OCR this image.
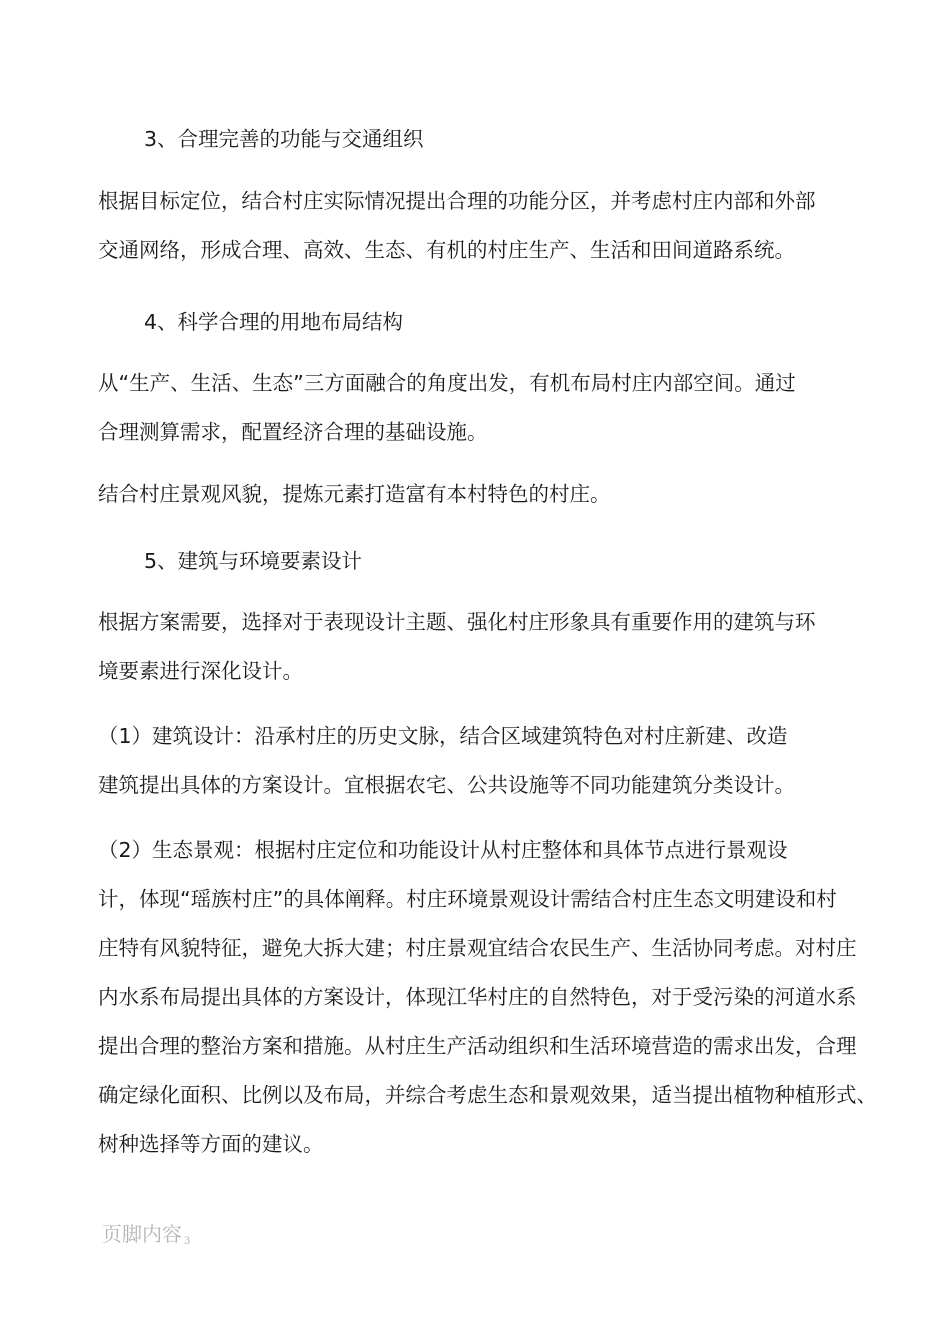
3、合理完善的功能与交通组织
根据目标定位，结合村庄实际情况提出合理的功能分区，并考虑村庄内部和外部
交通网络，形成合理、高效、生态、有机的村庄生产、生活和田间道路系统。
4、科学合理的用地布局结构
从“生产、生活、生态”三方面融合的角度出发，有机布局村庄内部空间。通过
合理测算需求，配置经济合理的基础设施。
结合村庄景观风貌，提炼元素打造富有本村特色的村庄。
5、建筑与环境要素设计
根据方案需要，选择对于表现设计主题、强化村庄形象具有重要作用的建筑与环
境要素进行深化设计。
（1）建筑设计：沿承村庄的历史文脉，结合区域建筑特色对村庄新建、改造
建筑提出具体的方案设计。宜根据农宅、公共设施等不同功能建筑分类设计。
（2）生态景观：根据村庄定位和功能设计从村庄整体和具体节点进行景观设
计，体现“瑶族村庄”的具体阐释。村庄环境景观设计需结合村庄生态文明建设和村
庄特有风貌特征，避免大拆大建；村庄景观宜结合农民生产、生活协同考虑。对村庄
内水系布局提出具体的方案设计，体现江华村庄的自然特色，对于受污染的河道水系
提出合理的整治方案和措施。从村庄生产活动组织和生活环境营造的需求出发，合理
确定绿化面积、比例以及布局，并综合考虑生态和景观效果，适当提出植物种植形式、
树种选择等方面的建议。
页脚内容 3
